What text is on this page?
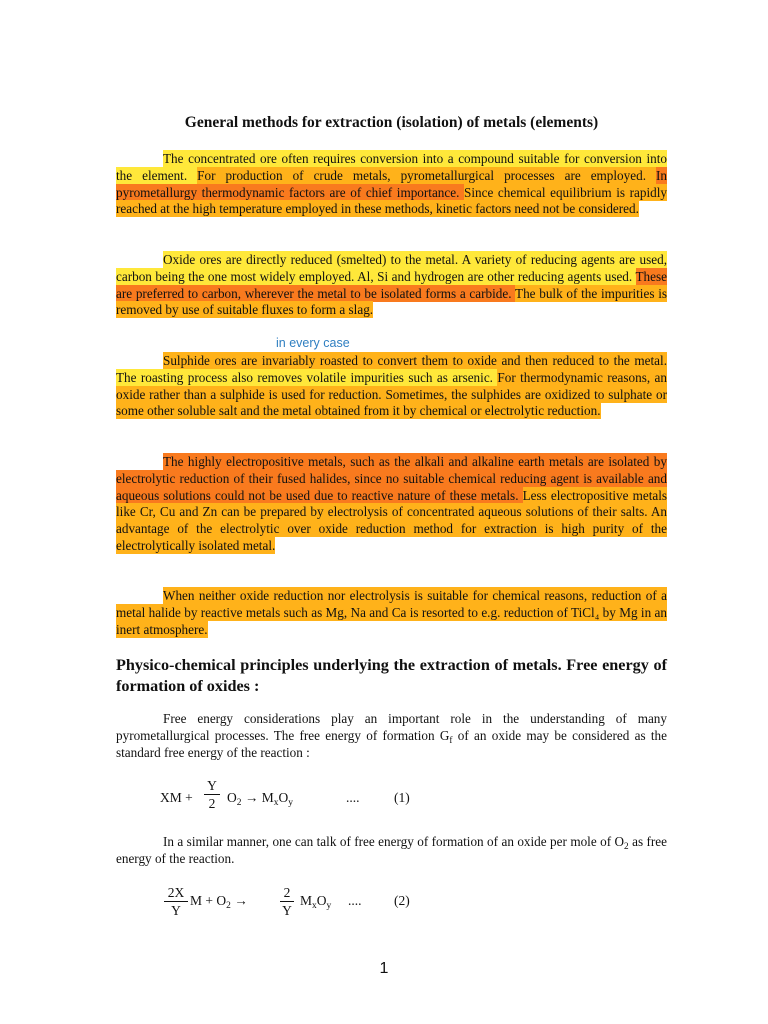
General methods for extraction (isolation) of metals (elements)

The concentrated ore often requires conversion into a compound suitable for conversion into the element. For production of crude metals, pyrometallurgical processes are employed. In pyrometallurgy thermodynamic factors are of chief importance. Since chemical equilibrium is rapidly reached at the high temperature employed in these methods, kinetic factors need not be considered.

Oxide ores are directly reduced (smelted) to the metal. A variety of reducing agents are used, carbon being the one most widely employed. Al, Si and hydrogen are other reducing agents used. These are preferred to carbon, wherever the metal to be isolated forms a carbide. The bulk of the impurities is removed by use of suitable fluxes to form a slag.

in every case

Sulphide ores are invariably roasted to convert them to oxide and then reduced to the metal. The roasting process also removes volatile impurities such as arsenic. For thermodynamic reasons, an oxide rather than a sulphide is used for reduction. Sometimes, the sulphides are oxidized to sulphate or some other soluble salt and the metal obtained from it by chemical or electrolytic reduction.

The highly electropositive metals, such as the alkali and alkaline earth metals are isolated by electrolytic reduction of their fused halides, since no suitable chemical reducing agent is available and aqueous solutions could not be used due to reactive nature of these metals. Less electropositive metals like Cr, Cu and Zn can be prepared by electrolysis of concentrated aqueous solutions of their salts. An advantage of the electrolytic over oxide reduction method for extraction is high purity of the electrolytically isolated metal.

When neither oxide reduction nor electrolysis is suitable for chemical reasons, reduction of a metal halide by reactive metals such as Mg, Na and Ca is resorted to e.g. reduction of TiCl₄ by Mg in an inert atmosphere.

Physico-chemical principles underlying the extraction of metals. Free energy of formation of oxides :

Free energy considerations play an important role in the understanding of many pyrometallurgical processes. The free energy of formation $G_f$ of an oxide may be considered as the standard free energy of the reaction :

XM +
Y
2 $O_2 \to M_xO_y$	....	(1)

In a similar manner, one can talk of free energy of formation of an oxide per mole of $O_2$ as free energy of the reaction.

2X
Y
$M + O_2$ →
2
Y
$M_xO_y$ .... (2)
1
